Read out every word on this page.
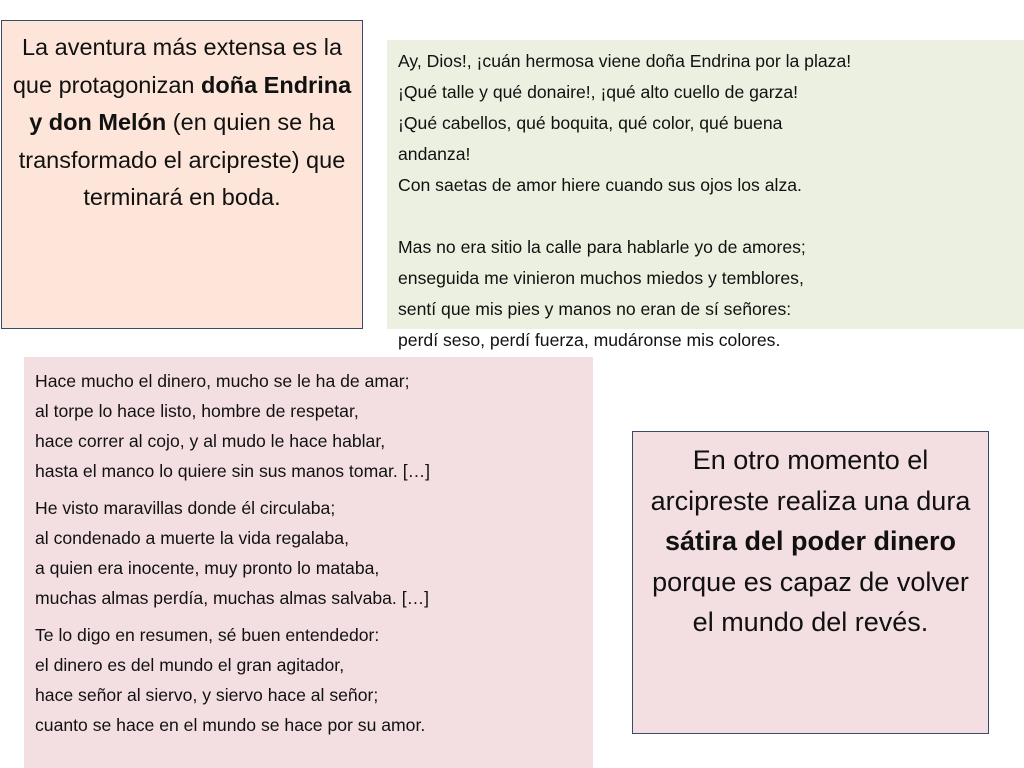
La aventura más extensa es la que protagonizan doña Endrina y don Melón (en quien se ha transformado el arcipreste) que terminará en boda.
Ay, Dios!, ¡cuán hermosa viene doña Endrina por la plaza!
¡Qué talle y qué donaire!, ¡qué alto cuello de garza!
¡Qué cabellos, qué boquita, qué color, qué buena
andanza!
Con saetas de amor hiere cuando sus ojos los alza.
Mas no era sitio la calle para hablarle yo de amores;
enseguida me vinieron muchos miedos y temblores,
sentí que mis pies y manos no eran de sí señores:
perdí seso, perdí fuerza, mudáronse mis colores.
Hace mucho el dinero, mucho se le ha de amar;
al torpe lo hace listo, hombre de respetar,
hace correr al cojo, y al mudo le hace hablar,
hasta el manco lo quiere sin sus manos tomar. […]
He visto maravillas donde él circulaba;
al condenado a muerte la vida regalaba,
a quien era inocente, muy pronto lo mataba,
muchas almas perdía, muchas almas salvaba. […]
Te lo digo en resumen, sé buen entendedor:
el dinero es del mundo el gran agitador,
hace señor al siervo, y siervo hace al señor;
cuanto se hace en el mundo se hace por su amor.
En otro momento el arcipreste realiza una dura sátira del poder dinero porque es capaz de volver el mundo del revés.
